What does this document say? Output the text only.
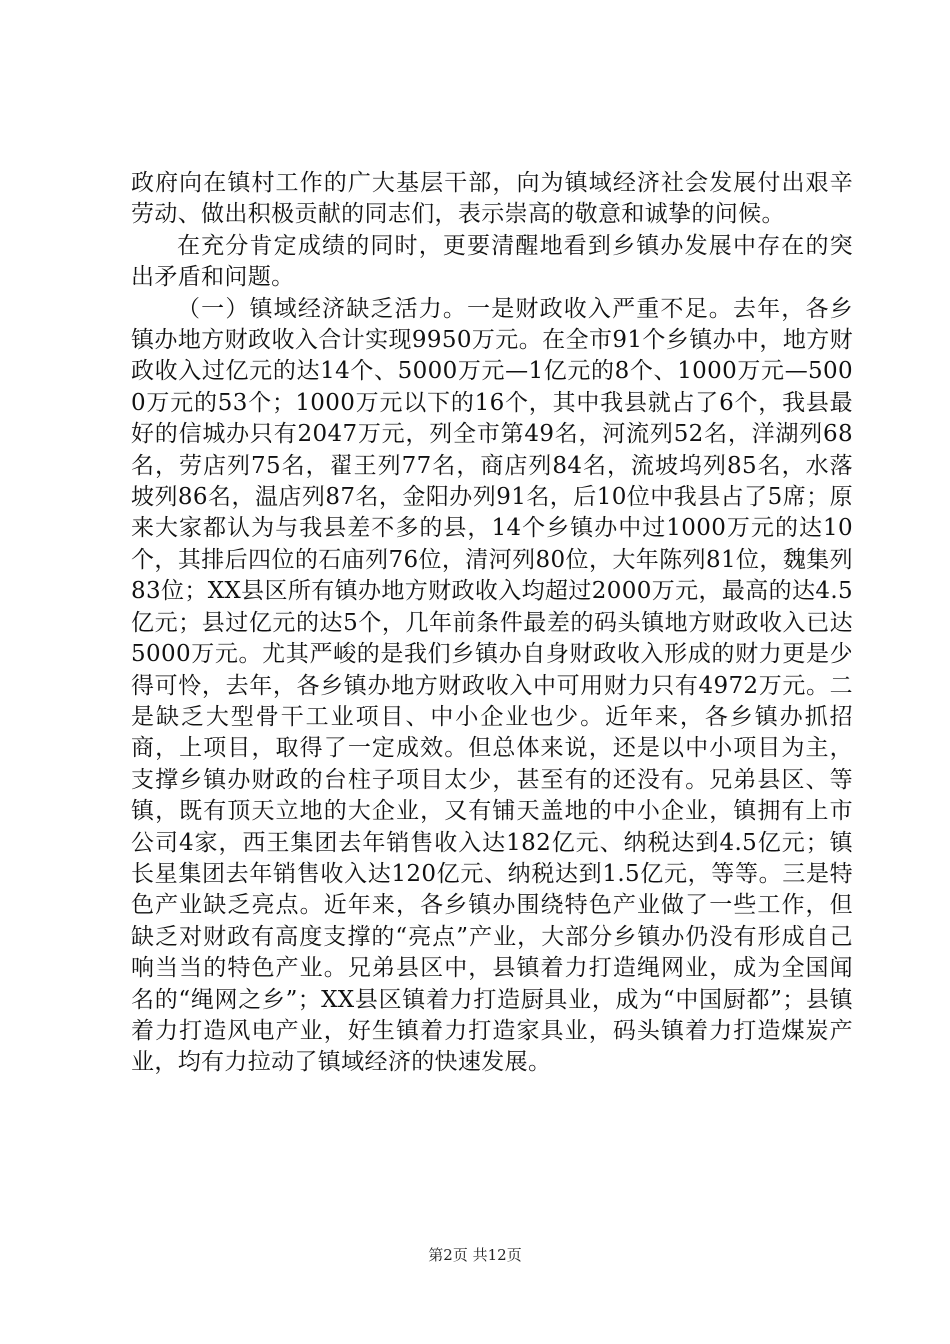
政府向在镇村工作的广大基层干部，向为镇域经济社会发展付出艰辛劳动、做出积极贡献的同志们，表示崇高的敬意和诚挚的问候。

在充分肯定成绩的同时，更要清醒地看到乡镇办发展中存在的突出矛盾和问题。

（一）镇域经济缺乏活力。一是财政收入严重不足。去年，各乡镇办地方财政收入合计实现9950万元。在全市91个乡镇办中，地方财政收入过亿元的达14个、5000万元—1亿元的8个、1000万元—5000万元的53个；1000万元以下的16个，其中我县就占了6个，我县最好的信城办只有2047万元，列全市第49名，河流列52名，洋湖列68名，劳店列75名，翟王列77名，商店列84名，流坡坞列85名，水落坡列86名，温店列87名，金阳办列91名，后10位中我县占了5席；原来大家都认为与我县差不多的县，14个乡镇办中过1000万元的达10个，其排后四位的石庙列76位，清河列80位，大年陈列81位，魏集列83位；XX县区所有镇办地方财政收入均超过2000万元，最高的达4.5亿元；县过亿元的达5个，几年前条件最差的码头镇地方财政收入已达5000万元。尤其严峻的是我们乡镇办自身财政收入形成的财力更是少得可怜，去年，各乡镇办地方财政收入中可用财力只有4972万元。二是缺乏大型骨干工业项目、中小企业也少。近年来，各乡镇办抓招商，上项目，取得了一定成效。但总体来说，还是以中小项目为主，支撑乡镇办财政的台柱子项目太少，甚至有的还没有。兄弟县区、等镇，既有顶天立地的大企业，又有铺天盖地的中小企业，镇拥有上市公司4家，西王集团去年销售收入达182亿元、纳税达到4.5亿元；镇长星集团去年销售收入达120亿元、纳税达到1.5亿元，等等。三是特色产业缺乏亮点。近年来，各乡镇办围绕特色产业做了一些工作，但缺乏对财政有高度支撑的“亮点”产业，大部分乡镇办仍没有形成自己响当当的特色产业。兄弟县区中，县镇着力打造绳网业，成为全国闻名的“绳网之乡”；XX县区镇着力打造厨具业，成为“中国厨都”；县镇着力打造风电产业，好生镇着力打造家具业，码头镇着力打造煤炭产业，均有力拉动了镇域经济的快速发展。

第2页 共12页
